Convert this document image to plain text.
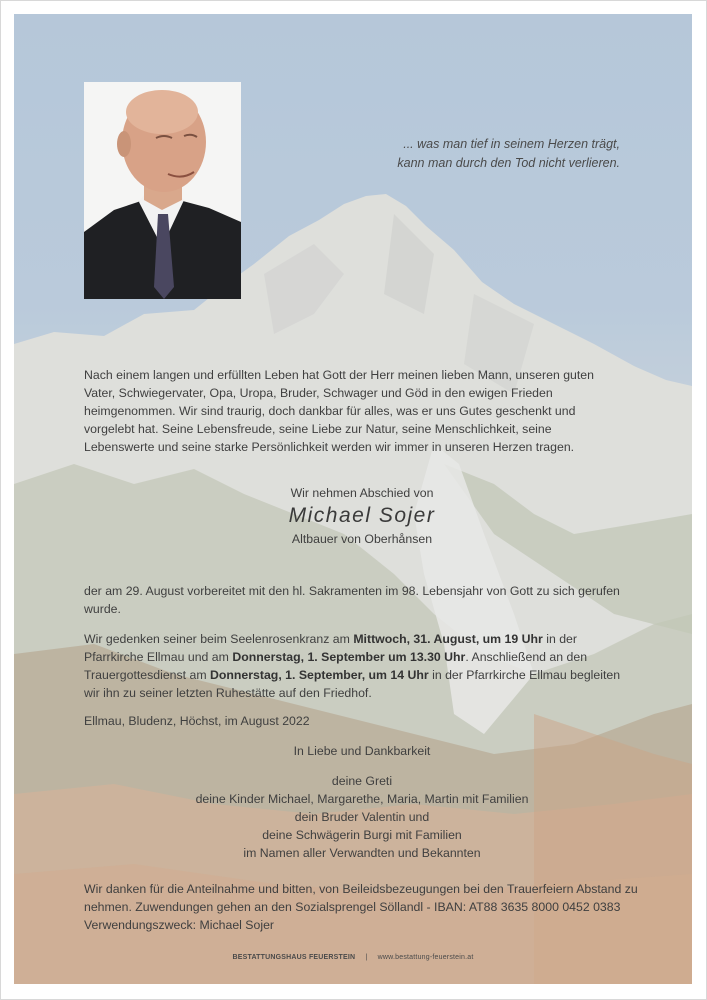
... was man tief in seinem Herzen trägt,
kann man durch den Tod nicht verlieren.

Nach einem langen und erfüllten Leben hat Gott der Herr meinen lieben Mann, unseren guten Vater, Schwiegervater, Opa, Uropa, Bruder, Schwager und Göd in den ewigen Frieden heimgenommen. Wir sind traurig, doch dankbar für alles, was er uns Gutes geschenkt und vorgelebt hat. Seine Lebensfreude, seine Liebe zur Natur, seine Menschlichkeit, seine Lebenswerte und seine starke Persönlichkeit werden wir immer in unseren Herzen tragen.

Wir nehmen Abschied von
Michael Sojer
Altbauer von Oberhånsen

der am 29. August vorbereitet mit den hl. Sakramenten im 98. Lebensjahr von Gott zu sich gerufen wurde.

Wir gedenken seiner beim Seelenrosenkranz am Mittwoch, 31. August, um 19 Uhr in der Pfarrkirche Ellmau und am Donnerstag, 1. September um 13.30 Uhr. Anschließend an den Trauergottesdienst am Donnerstag, 1. September, um 14 Uhr in der Pfarrkirche Ellmau begleiten wir ihn zu seiner letzten Ruhestätte auf den Friedhof.

Ellmau, Bludenz, Höchst, im August 2022

In Liebe und Dankbarkeit
deine Greti
deine Kinder Michael, Margarethe, Maria, Martin mit Familien
dein Bruder Valentin und
deine Schwägerin Burgi mit Familien
im Namen aller Verwandten und Bekannten
Wir danken für die Anteilnahme und bitten, von Beileidsbezeugungen bei den Trauerfeiern Abstand zu
nehmen. Zuwendungen gehen an den Sozialsprengel Söllandl - IBAN: AT88 3635 8000 0452 0383
Verwendungszweck: Michael Sojer
BESTATTUNGSHAUS FEUERSTEIN | www.bestattung-feuerstein.at
